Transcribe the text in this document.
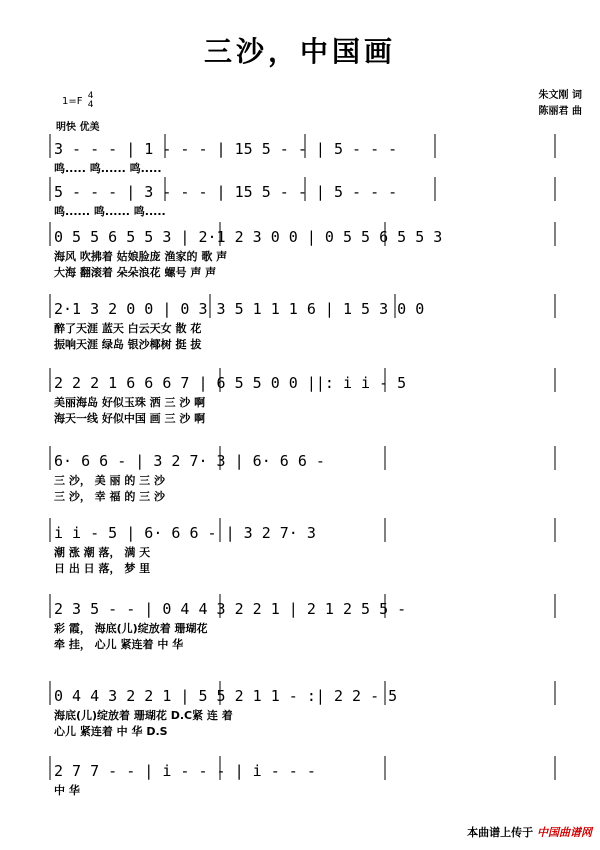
三沙，中国画
1=F 4
4
明快 优美
朱文刚 词
陈丽君 曲
3 - - - | 1 - - - | 15 5 - - | 5 - - -
鸣..... 鸣...... 鸣.....
5 - - - | 3 - - - | 15 5 - - | 5 - - -
鸣...... 鸣...... 鸣.....
0 5 5 6 5 5 3 | 2·1 2 3 0 0 | 0 5 5 6 5 5 3
海风 吹拂着 姑娘脸庞 渔家的 歌 声
大海 翻滚着 朵朵浪花 螺号 声 声
2·1 3 2 0 0 | 0 3 3 5 1 1 1 6 | 1 5 3 0 0
醉了天涯 蓝天 白云天女 散 花
振响天涯 绿岛 银沙椰树 挺 拔
2 2 2 1 6 6 6 7 | 6 5 5 0 0 ||: i i - 5
美丽海岛 好似玉珠 洒 三 沙 啊
海天一线 好似中国 画 三 沙 啊
6· 6 6 - | 3 2 7· 3 | 6· 6 6 -
三 沙， 美 丽 的 三 沙
三 沙， 幸 福 的 三 沙
i i - 5 | 6· 6 6 - | 3 2 7· 3
潮 涨 潮 落， 满 天
日 出 日 落， 梦 里
2 3 5 - - | 0 4 4 3 2 2 1 | 2 1 2 5 5 -
彩 霞， 海底(儿)绽放着 珊瑚花
牵 挂， 心儿 紧连着 中 华
0 4 4 3 2 2 1 | 5 5 2 1 1 - :| 2 2 - 5
海底(儿)绽放着 珊瑚花 D.C紧 连 着
心儿 紧连着 中 华 D.S
2 7 7 - - | i - - - | i - - -
中 华
本曲谱上传于 中国曲谱网
